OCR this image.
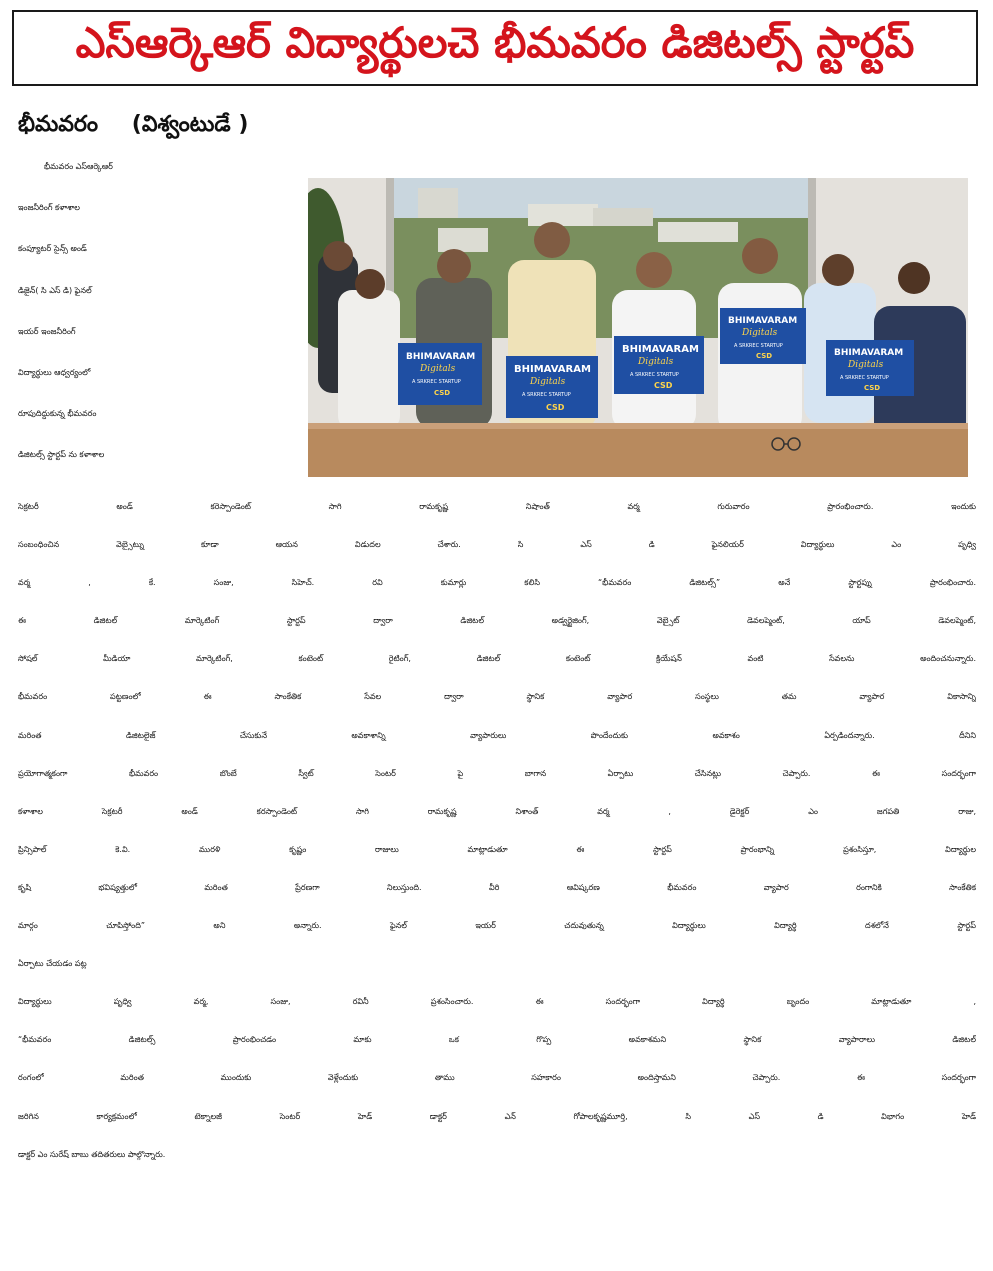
ఎస్ఆర్కెఆర్ విద్యార్థులచె భీమవరం డిజిటల్స్ స్టార్టప్
భీమవరం (విశ్వంటుడే )
భీమవరం ఎస్ఆర్కెఆర్
ఇంజనీరింగ్ కళాశాల
కంప్యూటర్ సైన్స్ అండ్
డిజైన్( సి ఎస్ డి) ఫైనల్
ఇయర్ ఇంజనీరింగ్
విద్యార్థులు ఆధ్వర్యంలో
రూపుదిద్దుకున్న భీమవరం
డిజిటల్స్ స్టార్టప్ ను కళాశాల
BHIMAVARAM
Digitals
A SRKREC STARTUP
CSD
BHIMAVARAM
Digitals
A SRKREC STARTUP
CSD
BHIMAVARAM
Digitals
A SRKREC STARTUP
CSD
BHIMAVARAM
Digitals
A SRKREC STARTUP
CSD	BHIMAVARAM
Digitals
A SRKREC STARTUP
CSD
సెక్రటరీ అండ్ కరెస్పాండెంట్ సాగి రామకృష్ణ నిషాంత్ వర్మ గురువారం ప్రారంభించారు. ఇందుకు
సంబంధించిన వెబ్సైట్ను కూడా ఆయన విడుదల చేశారు. సి ఎస్ డి ఫైనలియర్ విద్యార్థులు ఎం పృధ్వి
వర్మ , కే. సంజు, సిహెచ్. రవి కుమార్లు కలిసి “భీమవరం డిజిటల్స్” అనే స్టార్టప్ను ప్రారంభించారు.
ఈ డిజిటల్ మార్కెటింగ్ స్టార్టప్ ద్వారా డిజిటల్ అడ్వర్టైజింగ్, వెబ్సైట్ డెవలప్మెంట్, యాప్ డెవలప్మెంట్,
సోషల్ మీడియా మార్కెటింగ్, కంటెంట్ రైటింగ్, డిజిటల్ కంటెంట్ క్రియేషన్ వంటి సేవలను అందించనున్నారు.
భీమవరం పట్టణంలో ఈ సాంకేతిక సేవల ద్వారా స్థానిక వ్యాపార సంస్థలు తమ వ్యాపార వికాసాన్ని
మరింత డిజిటలైజ్ చేసుకునే అవకాశాన్ని వ్యాపారులు పొందేందుకు అవకాశం ఏర్పడిందన్నారు. దీనిని
ప్రయోగాత్మకంగా భీమవరం బొంబే స్వీట్ సెంటర్ పై బాగాన ఏర్పాటు చేసినట్లు చెప్పారు. ఈ సందర్భంగా
కళాశాల సెక్రటరీ అండ్ కరస్పాండెంట్ సాగి రామకృష్ణ నిశాంత్ వర్మ , డైరెక్టర్ ఎం జగపతి రాజు,
ప్రిన్సిపాల్ కె.వి. మురళి కృష్ణం రాజులు మాట్లాడుతూ ఈ స్టార్టప్ ప్రారంభాన్ని ప్రశంసిస్తూ, విద్యార్థుల
కృషి భవిష్యత్తులో మరింత ప్రేరణగా నిలుస్తుంది. వీరి ఆవిష్కరణ భీమవరం వ్యాపార రంగానికి సాంకేతిక
మార్గం చూపిస్తోంది” అని అన్నారు. ఫైనల్ ఇయర్ చదువుతున్న విద్యార్థులు విద్యార్థి దశలోనే స్టార్టప్
ఏర్పాటు చేయడం పట్ల
విద్యార్థులు పృధ్వి వర్మ, సంజు, రవినీ ప్రశంసించారు. ఈ సందర్భంగా విద్యార్థి బృందం మాట్లాడుతూ ,
“భీమవరం డిజిటల్స్ ప్రారంభించడం మాకు ఒక గొప్ప అవకాశమని స్థానిక వ్యాపారాలు డిజిటల్
రంగంలో మరింత ముందుకు వెళ్లేందుకు తాము సహకారం అందిస్తామని చెప్పారు. ఈ సందర్భంగా
జరిగిన కార్యక్రమంలో టెక్నాలజీ సెంటర్ హెడ్ డాక్టర్ ఎన్ గోపాలకృష్ణమూర్తి, సి ఎస్ డి విభాగం హెడ్
డాక్టర్ ఎం సురేష్ బాబు తదితరులు పాల్గొన్నారు.
